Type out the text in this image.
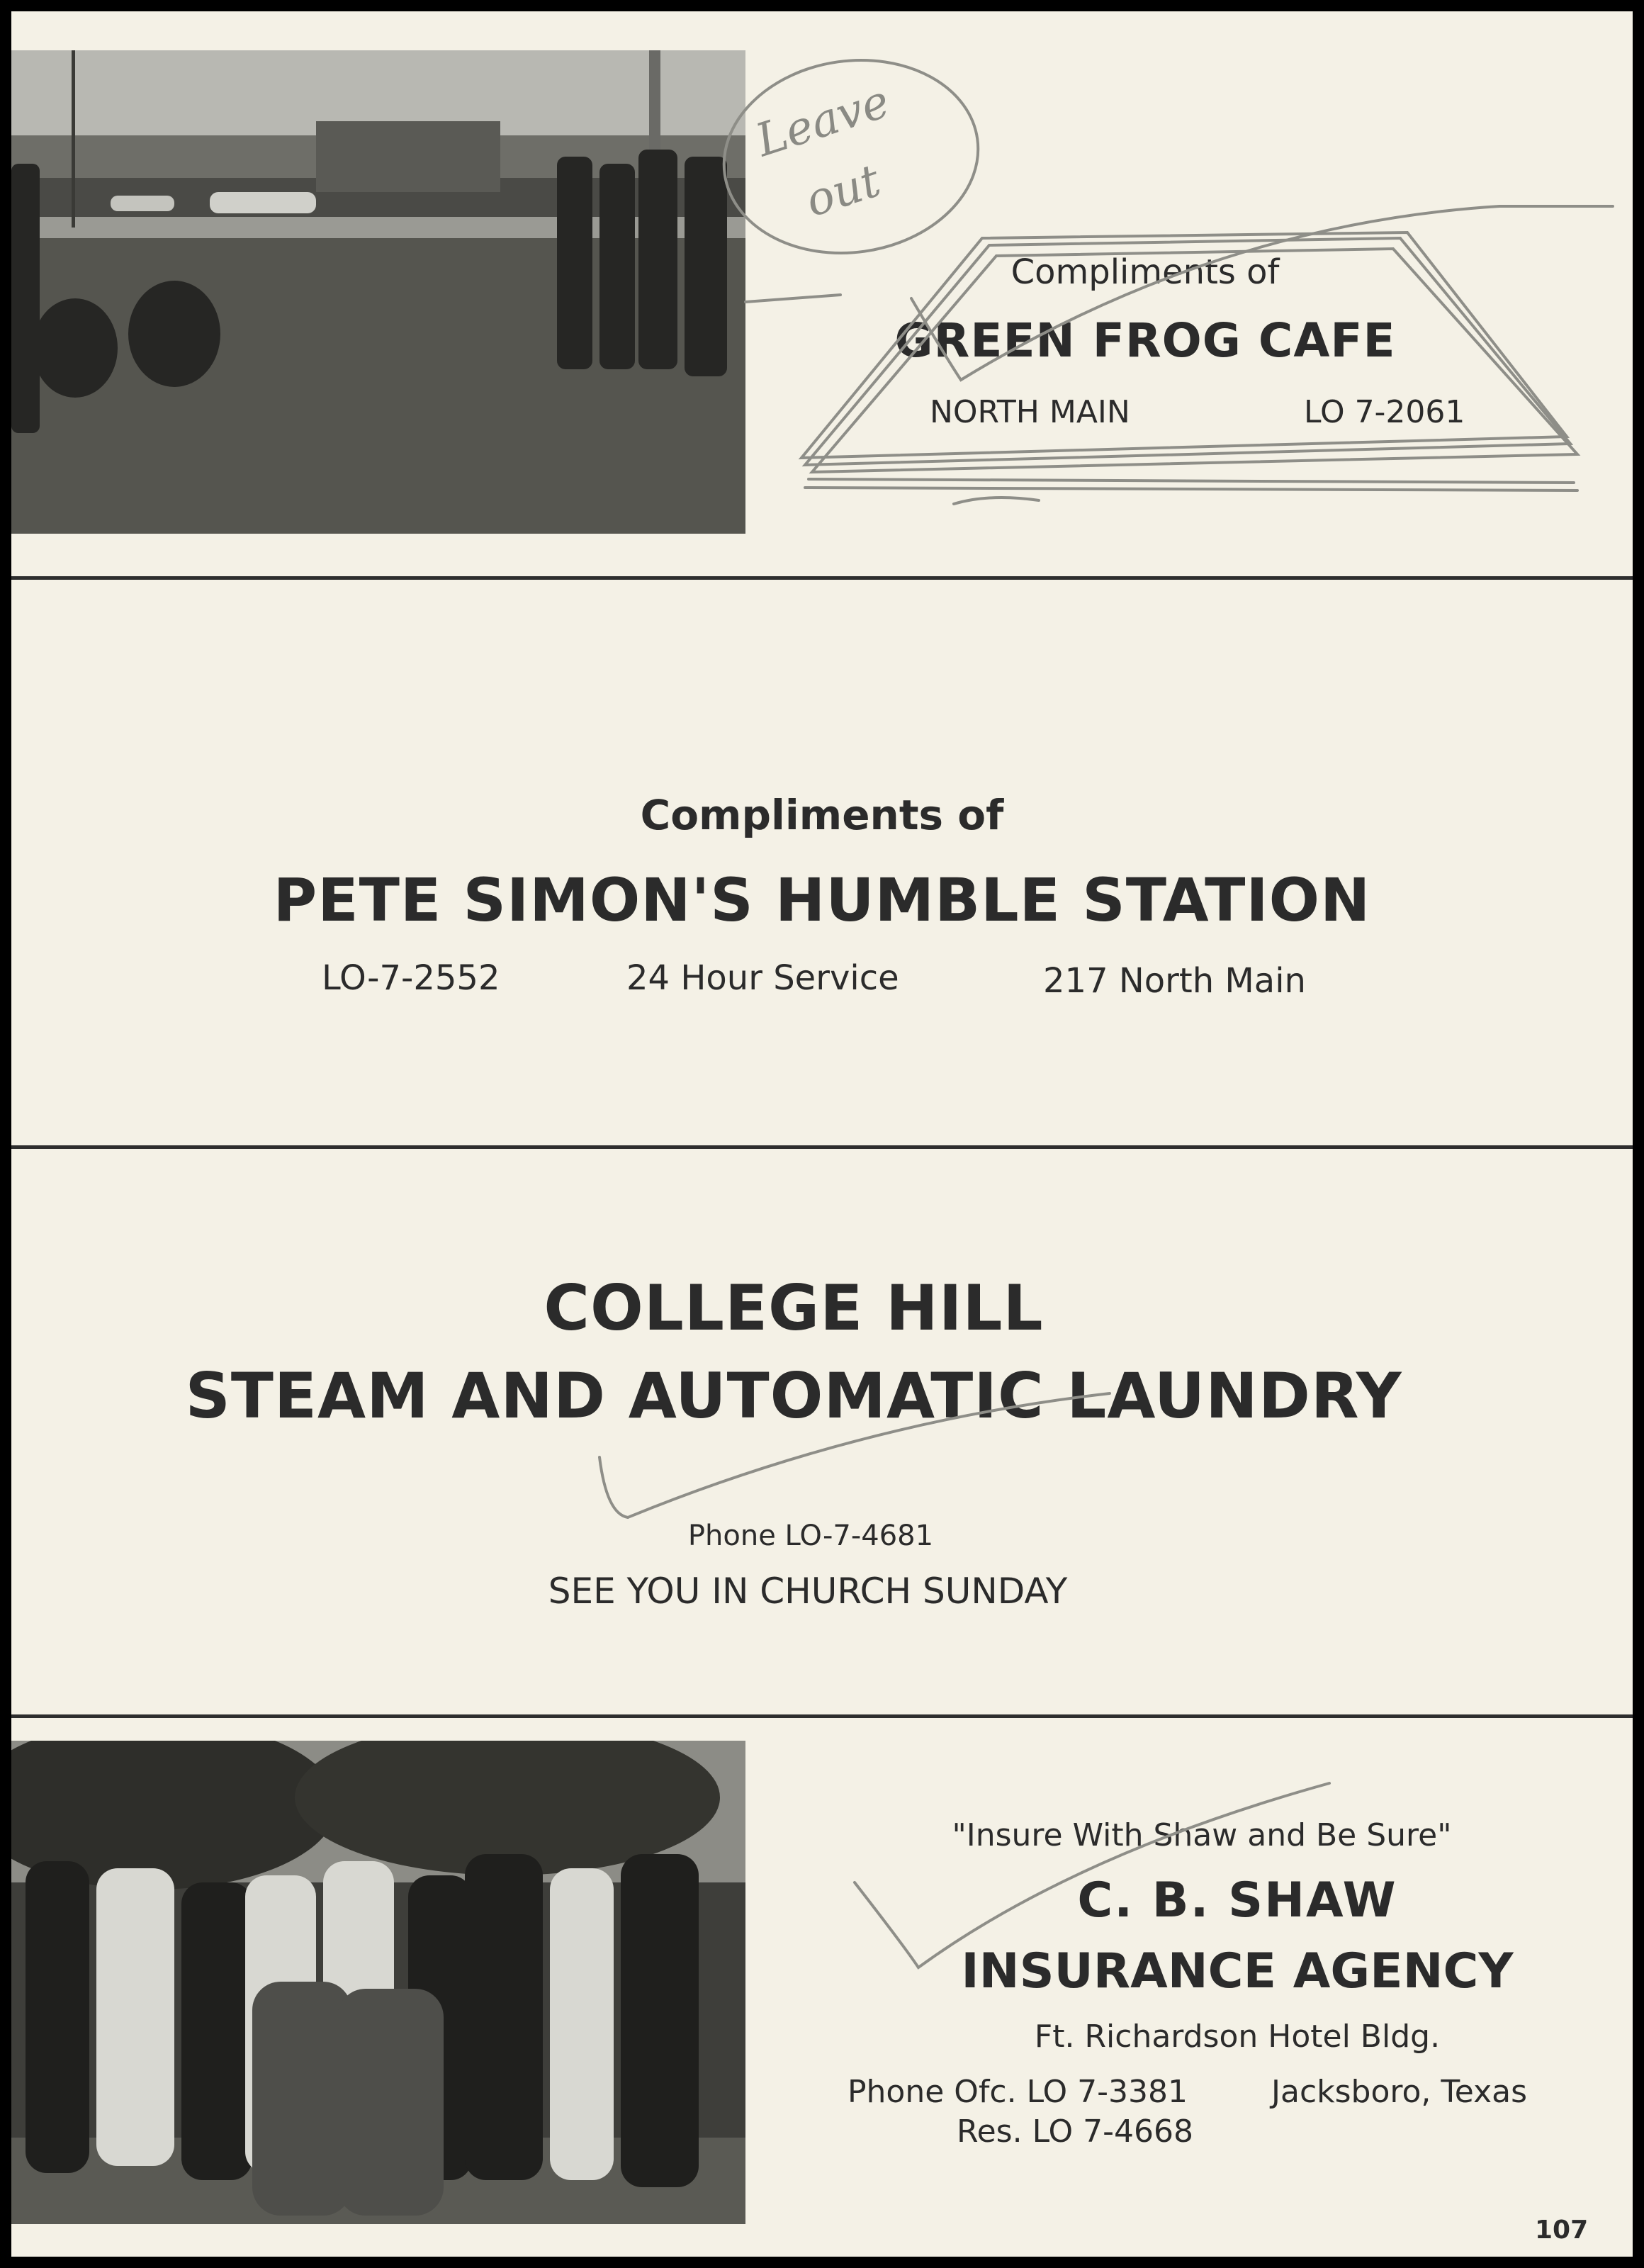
Compliments of
GREEN FROG CAFE
NORTH MAIN	LO 7-2061
Compliments of
PETE SIMON'S HUMBLE STATION
LO-7-2552	24 Hour Service	217 North Main
COLLEGE HILL
STEAM AND AUTOMATIC LAUNDRY
Phone LO-7-4681
SEE YOU IN CHURCH SUNDAY
"Insure With Shaw and Be Sure"
C. B. SHAW
INSURANCE AGENCY
Ft. Richardson Hotel Bldg.
Phone Ofc. LO 7-3381	Jacksboro, Texas
Res. LO 7-4668
107
Leave
out
